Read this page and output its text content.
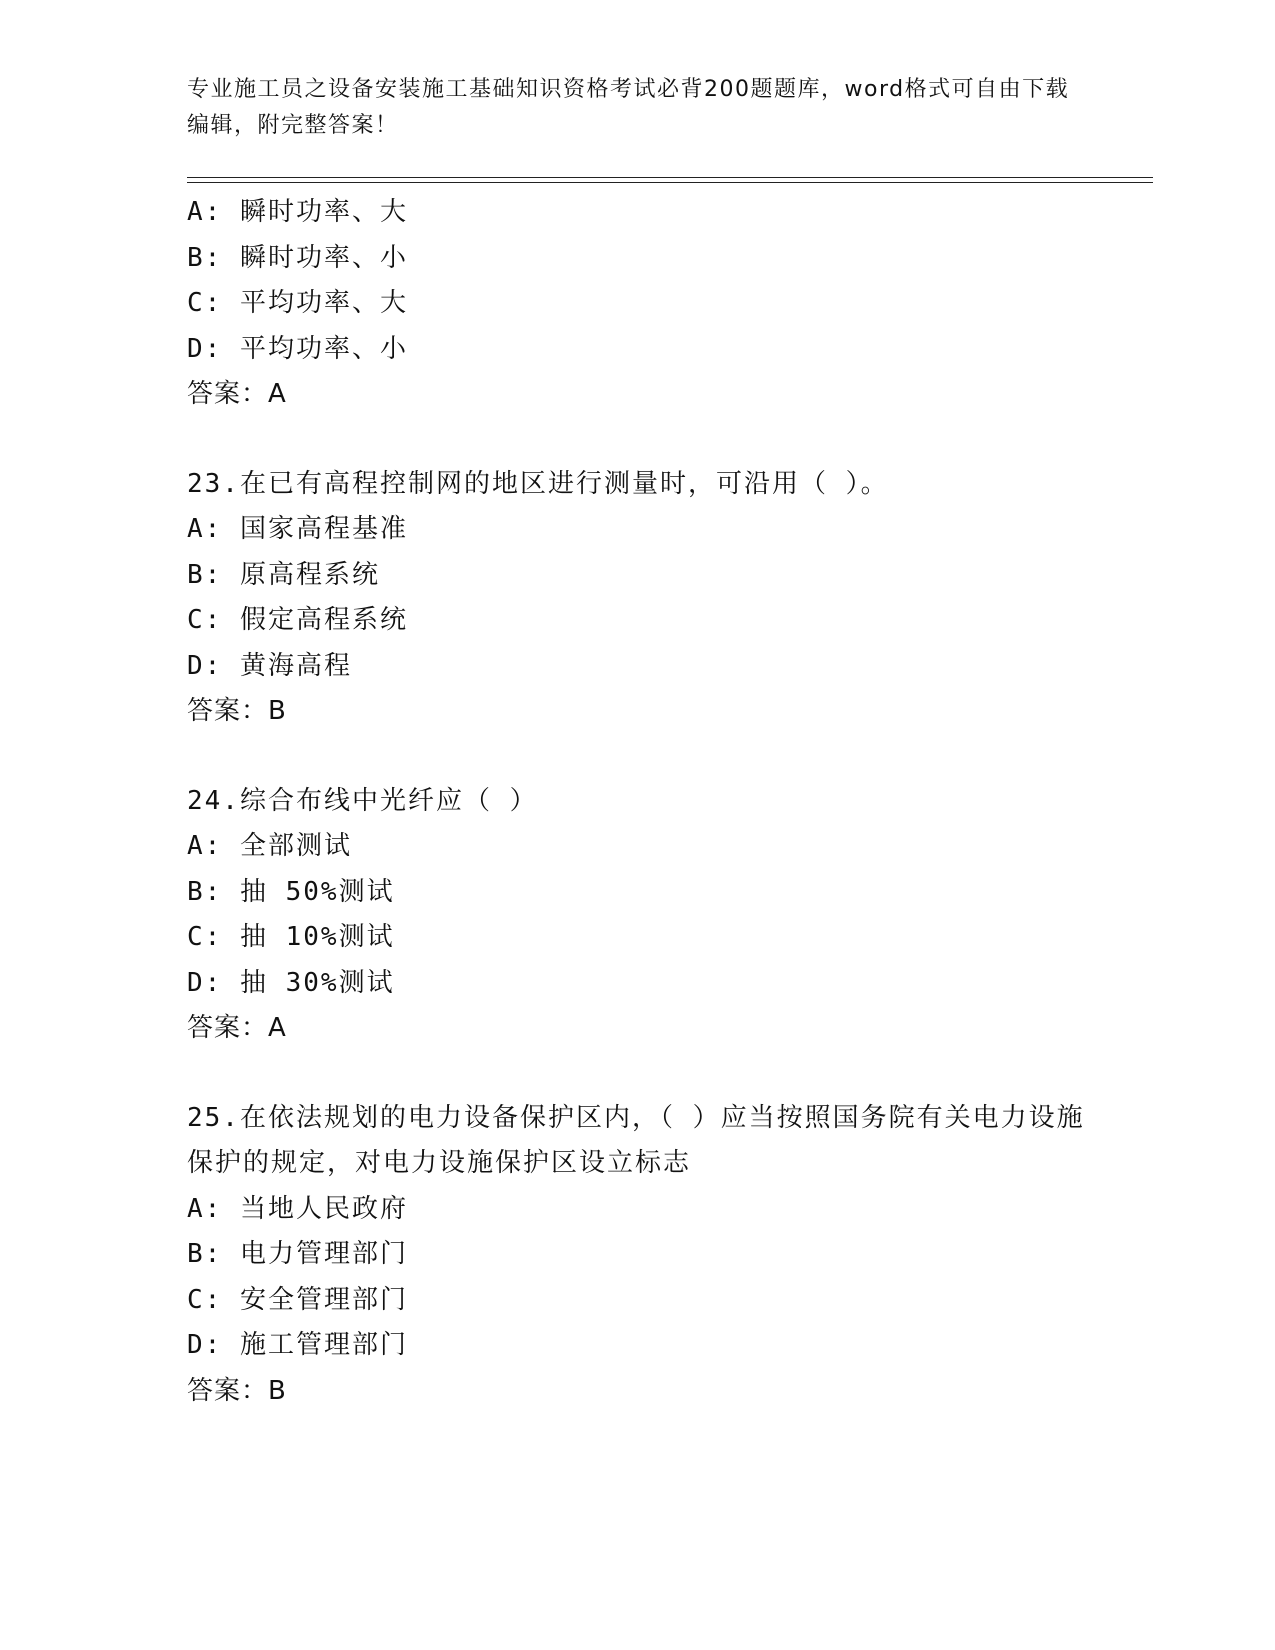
专业施工员之设备安装施工基础知识资格考试必背200题题库，word格式可自由下载编辑，附完整答案！
A: 瞬时功率、大
B: 瞬时功率、小
C: 平均功率、大
D: 平均功率、小
答案：A
23.在已有高程控制网的地区进行测量时，可沿用（ ）。
A: 国家高程基准
B: 原高程系统
C: 假定高程系统
D: 黄海高程
答案：B
24.综合布线中光纤应（ ）
A: 全部测试
B: 抽 50%测试
C: 抽 10%测试
D: 抽 30%测试
答案：A
25.在依法规划的电力设备保护区内，（ ）应当按照国务院有关电力设施保护的规定，对电力设施保护区设立标志
A: 当地人民政府
B: 电力管理部门
C: 安全管理部门
D: 施工管理部门
答案：B
